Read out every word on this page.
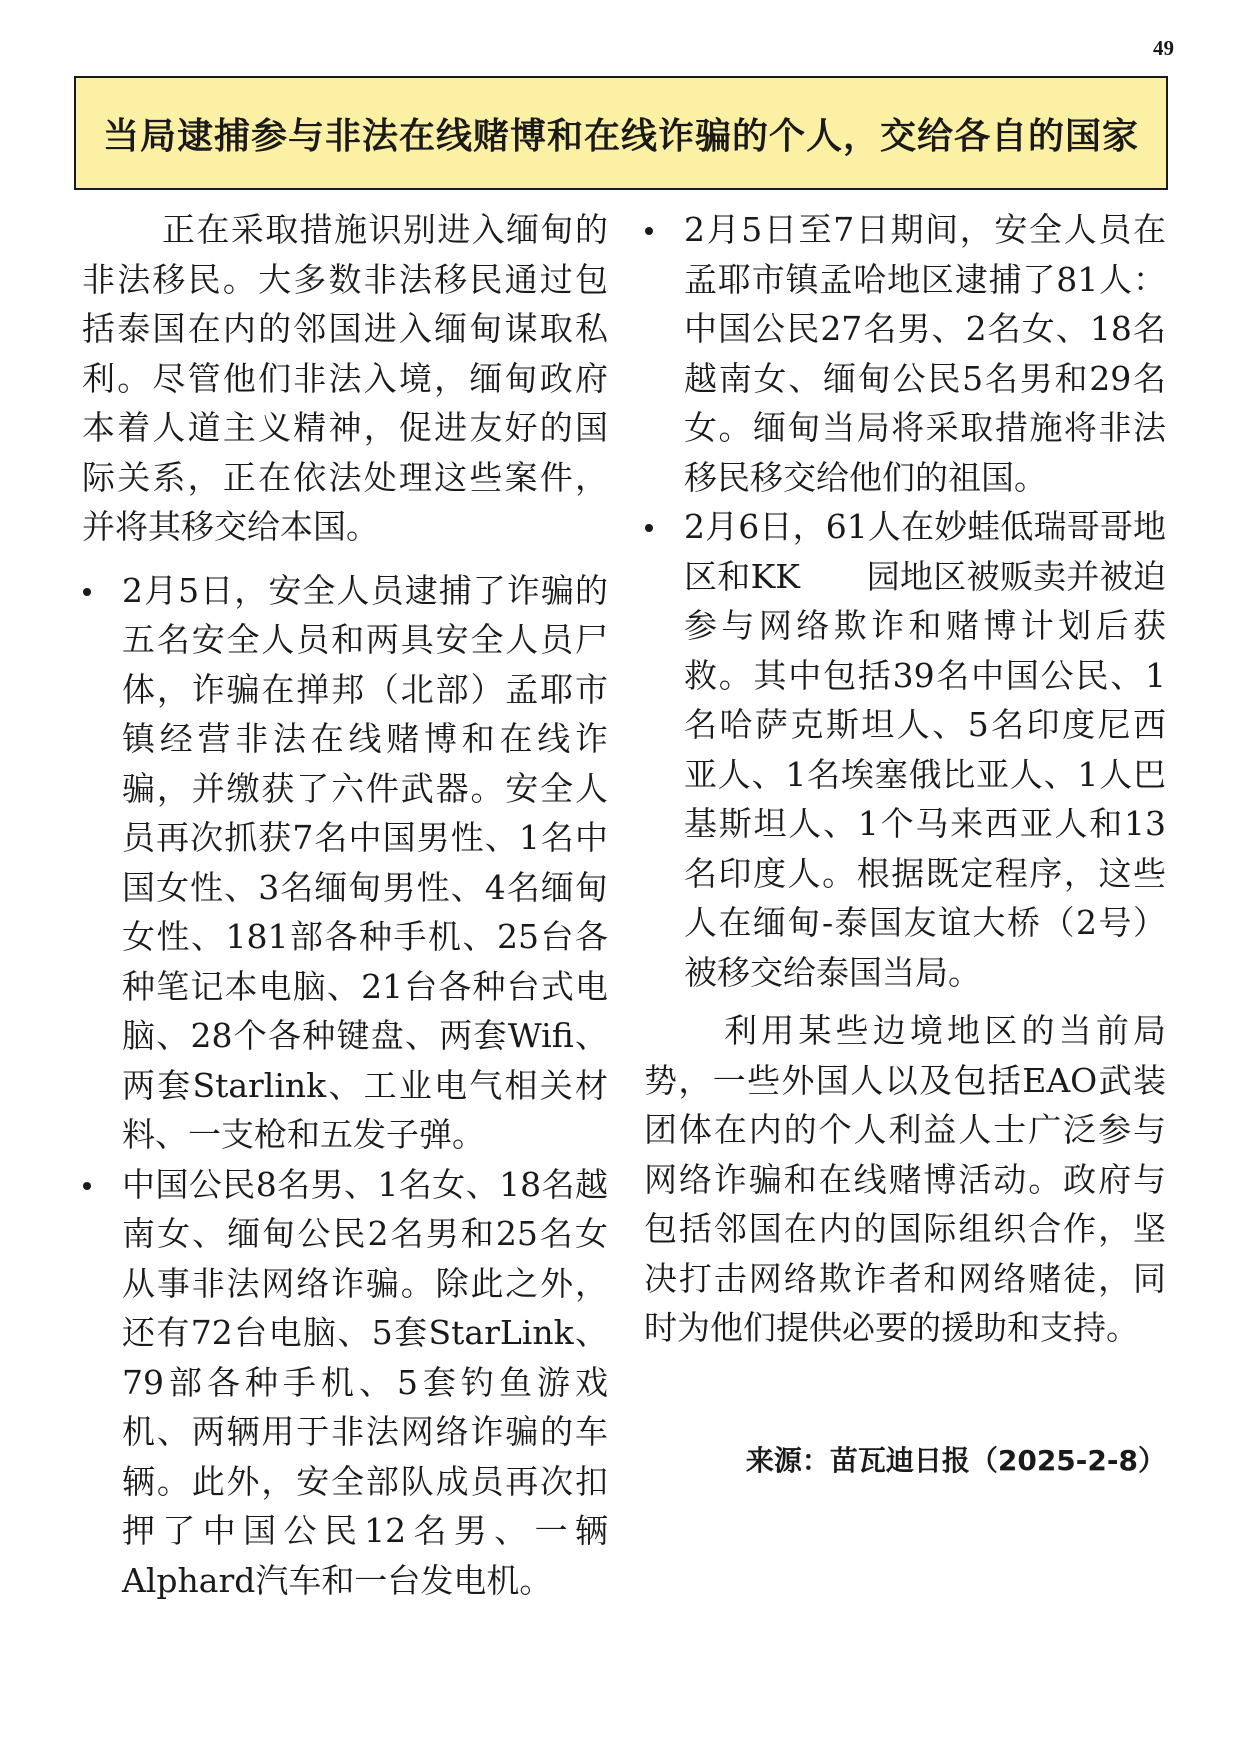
49
当局逮捕参与非法在线赌博和在线诈骗的个人，交给各自的国家

正在采取措施识别进入缅甸的非法移民。大多数非法移民通过包括泰国在内的邻国进入缅甸谋取私利。尽管他们非法入境，缅甸政府本着人道主义精神，促进友好的国际关系，正在依法处理这些案件，并将其移交给本国。

2月5日，安全人员逮捕了诈骗的五名安全人员和两具安全人员尸体，诈骗在掸邦（北部）孟耶市镇经营非法在线赌博和在线诈骗，并缴获了六件武器。安全人员再次抓获7名中国男性、1名中国女性、3名缅甸男性、4名缅甸女性、181部各种手机、25台各种笔记本电脑、21台各种台式电脑、28个各种键盘、两套Wifi、两套Starlink、工业电气相关材料、一支枪和五发子弹。
中国公民8名男、1名女、18名越南女、缅甸公民2名男和25名女从事非法网络诈骗。除此之外，还有72台电脑、5套StarLink、79部各种手机、5套钓鱼游戏机、两辆用于非法网络诈骗的车辆。此外，安全部队成员再次扣押了中国公民12名男、一辆Alphard汽车和一台发电机。
2月5日至7日期间，安全人员在孟耶市镇孟哈地区逮捕了81人：中国公民27名男、2名女、18名越南女、缅甸公民5名男和29名女。缅甸当局将采取措施将非法移民移交给他们的祖国。
2月6日，61人在妙蛙低瑞哥哥地区和KK　　园地区被贩卖并被迫参与网络欺诈和赌博计划后获救。其中包括39名中国公民、1名哈萨克斯坦人、5名印度尼西亚人、1名埃塞俄比亚人、1人巴基斯坦人、1个马来西亚人和13名印度人。根据既定程序，这些人在缅甸-泰国友谊大桥（2号）被移交给泰国当局。

利用某些边境地区的当前局势，一些外国人以及包括EAO武装团体在内的个人利益人士广泛参与网络诈骗和在线赌博活动。政府与包括邻国在内的国际组织合作，坚决打击网络欺诈者和网络赌徒，同时为他们提供必要的援助和支持。

来源：苗瓦迪日报（2025-2-8）
